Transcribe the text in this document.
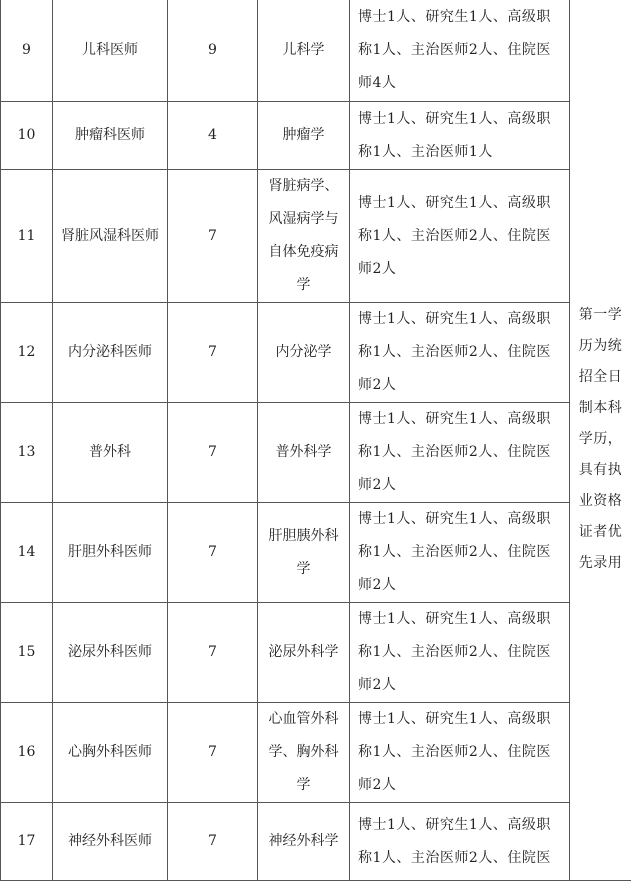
9	儿科医师	9	儿科学	博士1人、研究生1人、高级职称1人、主治医师2人、住院医师4人	第一学历为统招全日制本科学历，具有执业资格证者优先录用
10	肿瘤科医师	4	肿瘤学	博士1人、研究生1人、高级职称1人、主治医师1人	
11	肾脏风湿科医师	7	肾脏病学、风湿病学与自体免疫病学	博士1人、研究生1人、高级职称1人、主治医师2人、住院医师2人	
12	内分泌科医师	7	内分泌学	博士1人、研究生1人、高级职称1人、主治医师2人、住院医师2人	
13	普外科	7	普外科学	博士1人、研究生1人、高级职称1人、主治医师2人、住院医师2人	
14	肝胆外科医师	7	肝胆胰外科学	博士1人、研究生1人、高级职称1人、主治医师2人、住院医师2人	
15	泌尿外科医师	7	泌尿外科学	博士1人、研究生1人、高级职称1人、主治医师2人、住院医师2人	
16	心胸外科医师	7	心血管外科学、胸外科学	博士1人、研究生1人、高级职称1人、主治医师2人、住院医师2人	
17	神经外科医师	7	神经外科学	博士1人、研究生1人、高级职称1人、主治医师2人、住院医	
